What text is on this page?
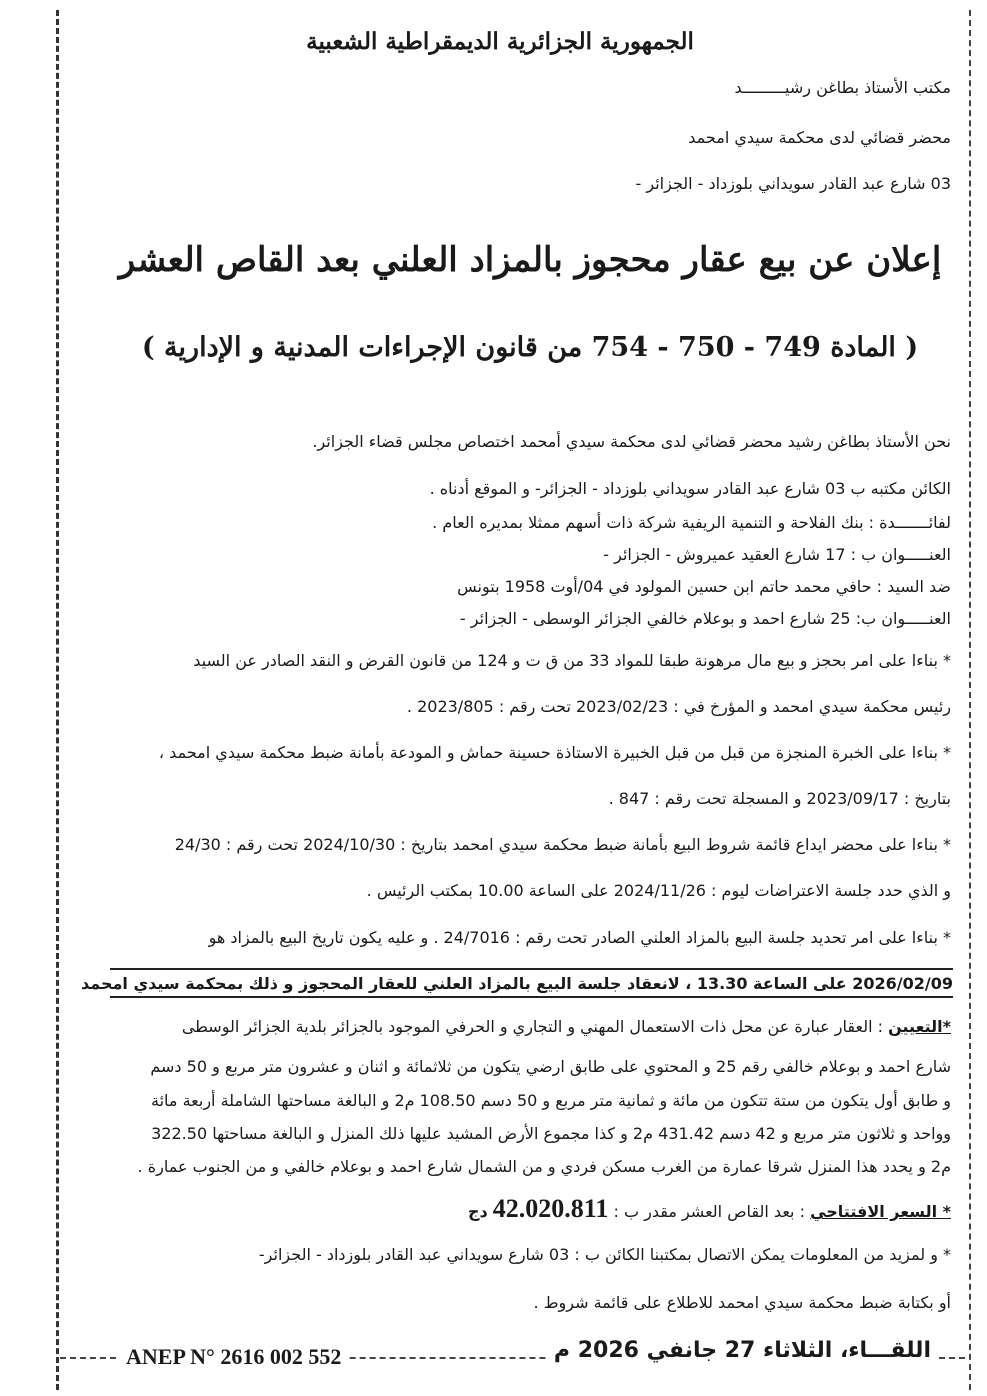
الجمهورية الجزائرية الديمقراطية الشعبية
مكتب الأستاذ بطاغن رشيـــــــــد
محضر قضائي لدى محكمة سيدي امحمد
03 شارع عبد القادر سويداني بلوزداد - الجزائر -
إعلان عن بيع عقار محجوز بالمزاد العلني بعد القاص العشر
( المادة 749 - 750 - 754 من قانون الإجراءات المدنية و الإدارية )
نحن الأستاذ بطاغن رشيد محضر قضائي لدى محكمة سيدي أمحمد اختصاص مجلس قضاء الجزائر.
الكائن مكتبه ب 03 شارع عبد القادر سويداني بلوزداد - الجزائر- و الموقع أدناه .
لفائـــــــدة : بنك الفلاحة و التنمية الريفية شركة ذات أسهم ممثلا بمديره العام .
العنـــــوان ب : 17 شارع العقيد عميروش - الجزائر -
ضد السيد : حافي محمد حاتم ابن حسين المولود في 04/أوت 1958 بتونس
العنـــــوان ب: 25 شارع احمد و بوعلام خالفي الجزائر الوسطى - الجزائر -
* بناءا على امر بحجز و بيع مال مرهونة طبقا للمواد 33 من ق ت و 124 من قانون القرض و النقد الصادر عن السيد
رئيس محكمة سيدي امحمد و المؤرخ في : 2023/02/23 تحت رقم : 2023/805 .
* بناءا على الخبرة المنجزة من قبل من قبل الخبيرة الاستاذة حسينة حماش و المودعة بأمانة ضبط محكمة سيدي امحمد ،
بتاريخ : 2023/09/17 و المسجلة تحت رقم : 847 .
* بناءا على محضر ايداع قائمة شروط البيع بأمانة ضبط محكمة سيدي امحمد بتاريخ : 2024/10/30 تحت رقم : 24/30
و الذي حدد جلسة الاعتراضات ليوم : 2024/11/26 على الساعة 10.00 بمكتب الرئيس .
* بناءا على امر تحديد جلسة البيع بالمزاد العلني الصادر تحت رقم : 24/7016 . و عليه يكون تاريخ البيع بالمزاد هو
2026/02/09 على الساعة 13.30 ، لانعقاد جلسة البيع بالمزاد العلني للعقار المحجوز و ذلك بمحكمة سيدي امحمد
*التعيين : العقار عبارة عن محل ذات الاستعمال المهني و التجاري و الحرفي الموجود بالجزائر بلدية الجزائر الوسطى
شارع احمد و بوعلام خالفي رقم 25 و المحتوي على طابق ارضي يتكون من ثلاثمائة و اثنان و عشرون متر مربع و 50 دسم
و طابق أول يتكون من ستة تتكون من مائة و ثمانية متر مربع و 50 دسم 108.50 م2 و البالغة مساحتها الشاملة أربعة مائة
وواحد و ثلاثون متر مربع و 42 دسم 431.42 م2 و كذا مجموع الأرض المشيد عليها ذلك المنزل و البالغة مساحتها 322.50
م2 و يحدد هذا المنزل شرقا عمارة من الغرب مسكن فردي و من الشمال شارع احمد و بوعلام خالفي و من الجنوب عمارة .
* السعر الافتتاحي : بعد القاص العشر مقدر ب : 42.020.811 دج
* و لمزيد من المعلومات يمكن الاتصال بمكتبنا الكائن ب : 03 شارع سويداني عبد القادر بلوزداد - الجزائر-
أو بكتابة ضبط محكمة سيدي امحمد للاطلاع على قائمة شروط .
ANEP N° 2616 002 552	اللقـــاء، الثلاثاء 27 جانفي 2026 م
